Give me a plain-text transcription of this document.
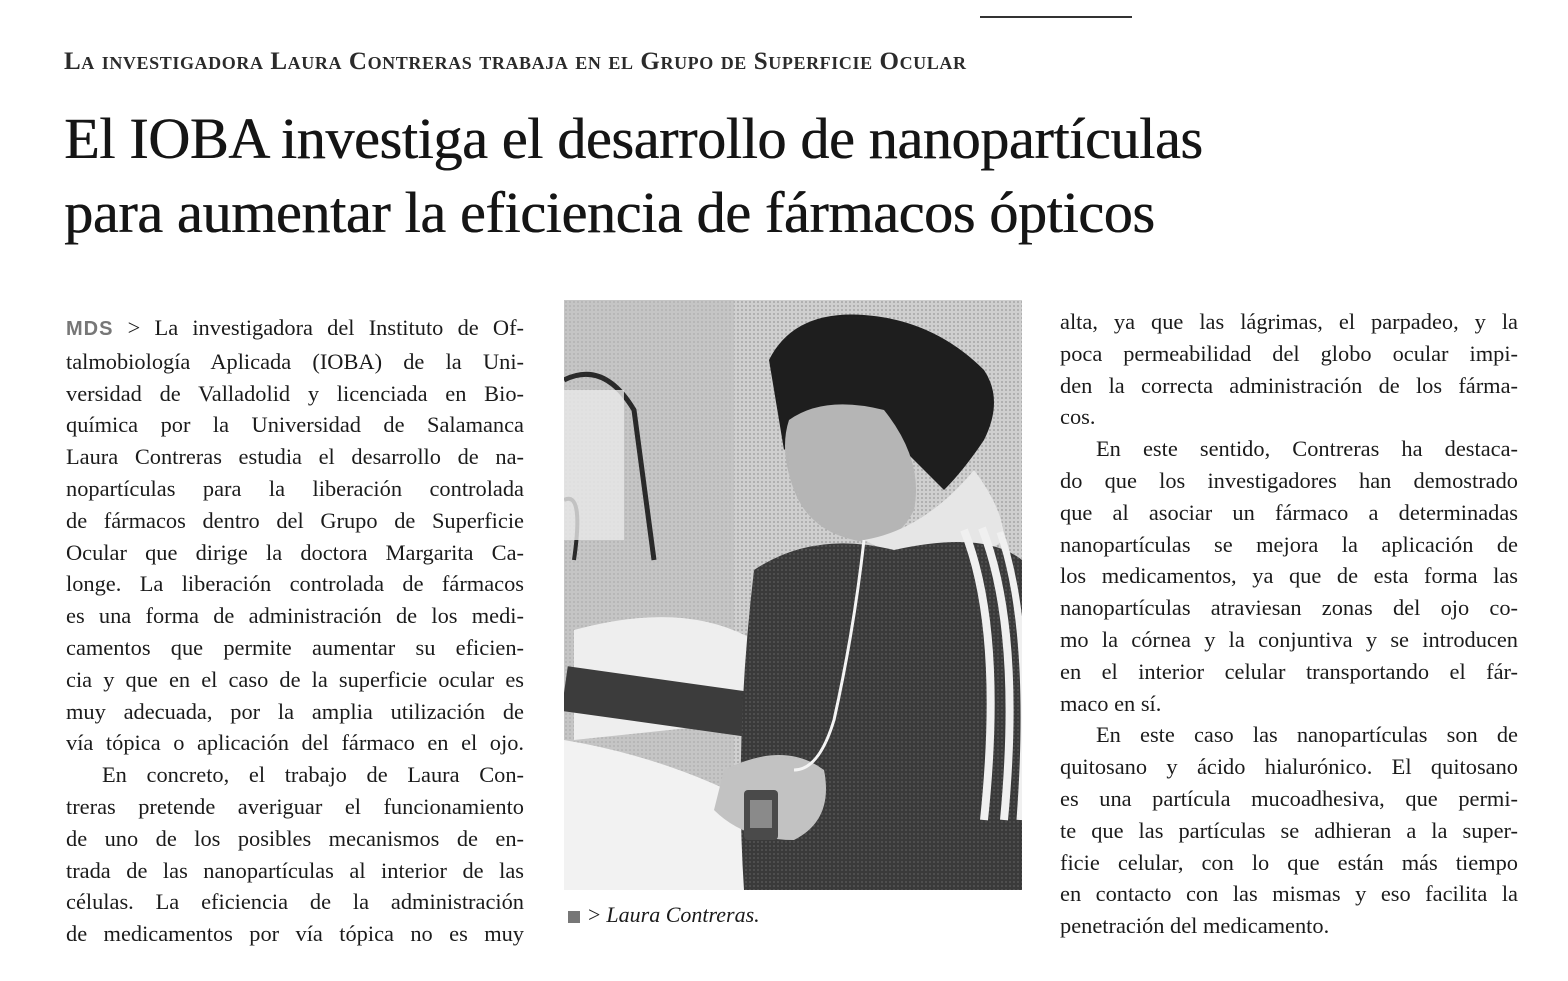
La investigadora Laura Contreras trabaja en el Grupo de Superficie Ocular
El IOBA investiga el desarrollo de nanopartículas
para aumentar la eficiencia de fármacos ópticos
MDS > La investigadora del Instituto de Of-
talmobiología Aplicada (IOBA) de la Uni-
versidad de Valladolid y licenciada en Bio-
química por la Universidad de Salamanca
Laura Contreras estudia el desarrollo de na-
nopartículas para la liberación controlada
de fármacos dentro del Grupo de Superficie
Ocular que dirige la doctora Margarita Ca-
longe. La liberación controlada de fármacos
es una forma de administración de los medi-
camentos que permite aumentar su eficien-
cia y que en el caso de la superficie ocular es
muy adecuada, por la amplia utilización de
vía tópica o aplicación del fármaco en el ojo.
En concreto, el trabajo de Laura Con-
treras pretende averiguar el funcionamiento
de uno de los posibles mecanismos de en-
trada de las nanopartículas al interior de las
células. La eficiencia de la administración
de medicamentos por vía tópica no es muy
> Laura Contreras.
alta, ya que las lágrimas, el parpadeo, y la
poca permeabilidad del globo ocular impi-
den la correcta administración de los fárma-
cos.
En este sentido, Contreras ha destaca-
do que los investigadores han demostrado
que al asociar un fármaco a determinadas
nanopartículas se mejora la aplicación de
los medicamentos, ya que de esta forma las
nanopartículas atraviesan zonas del ojo co-
mo la córnea y la conjuntiva y se introducen
en el interior celular transportando el fár-
maco en sí.
En este caso las nanopartículas son de
quitosano y ácido hialurónico. El quitosano
es una partícula mucoadhesiva, que permi-
te que las partículas se adhieran a la super-
ficie celular, con lo que están más tiempo
en contacto con las mismas y eso facilita la
penetración del medicamento.
